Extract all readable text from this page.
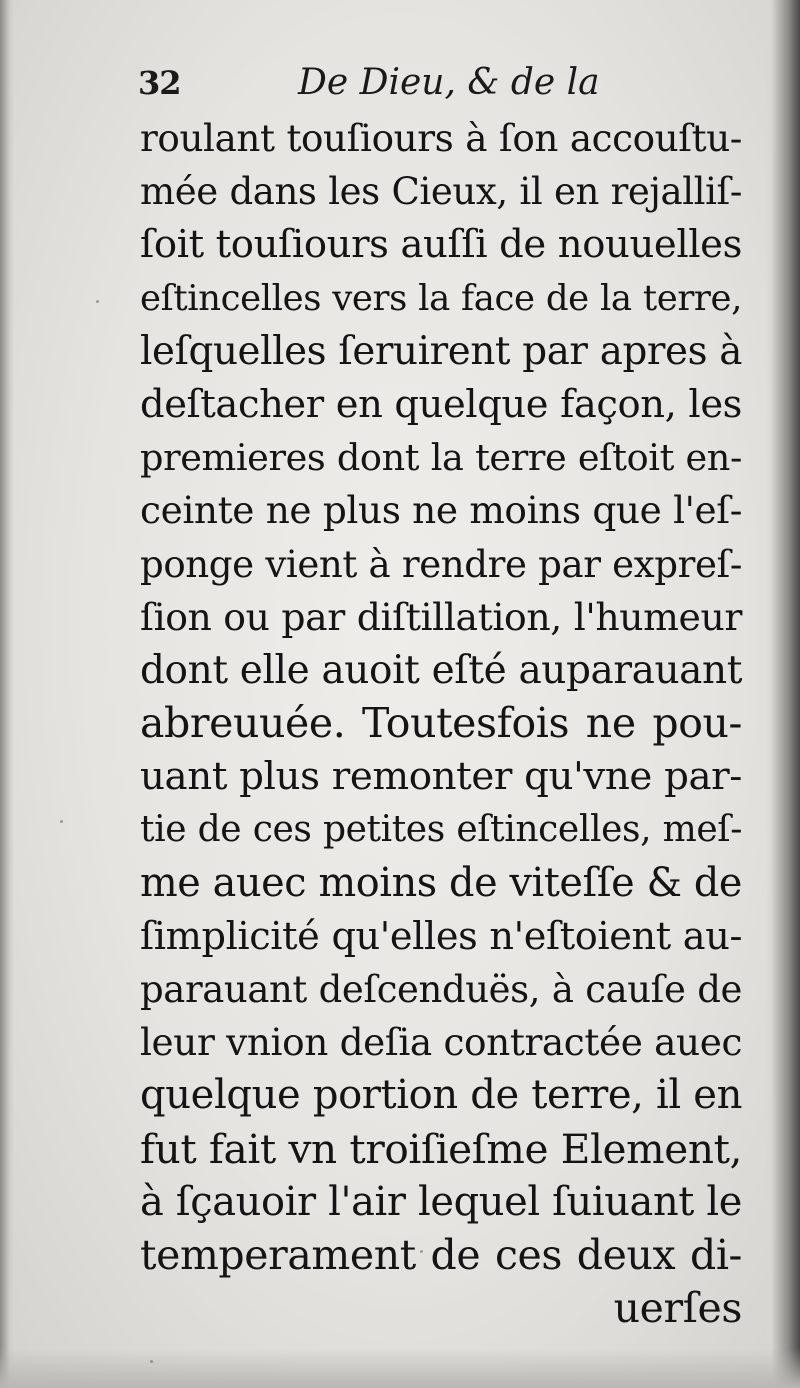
32	De Dieu, & de la
roulant touſiours à ſon accouſtu-
mée dans les Cieux, il en rejalliſ-
ſoit touſiours auſſi de nouuelles
eſtincelles vers la face de la terre,
leſquelles ſeruirent par apres à
deſtacher en quelque façon, les
premieres dont la terre eſtoit en-
ceinte ne plus ne moins que l'eſ-
ponge vient à rendre par expreſ-
ſion ou par diſtillation, l'humeur
dont elle auoit eſté auparauant
abreuuée. Toutesfois ne pou-
uant plus remonter qu'vne par-
tie de ces petites eſtincelles, meſ-
me auec moins de viteſſe & de
ſimplicité qu'elles n'eſtoient au-
parauant deſcenduës, à cauſe de
leur vnion deſia contractée auec
quelque portion de terre, il en
fut fait vn troiſieſme Element,
à ſçauoir l'air lequel ſuiuant le
temperament de ces deux di-
uerſes
